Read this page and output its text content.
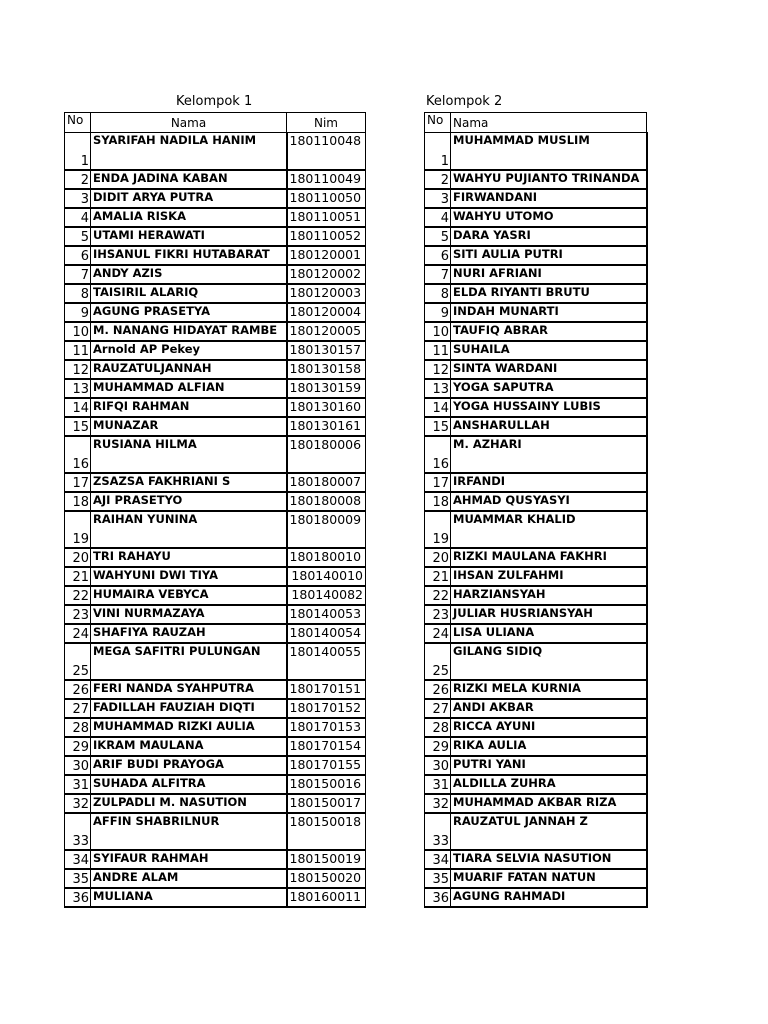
Kelompok 1	Kelompok 2
No	Nama	Nim
1	SYARIFAH NADILA HANIM	180110048
2	ENDA JADINA KABAN	180110049
3	DIDIT ARYA PUTRA	180110050
4	AMALIA RISKA	180110051
5	UTAMI HERAWATI	180110052
6	IHSANUL FIKRI HUTABARAT	180120001
7	ANDY AZIS	180120002
8	TAISIRIL ALARIQ	180120003
9	AGUNG PRASETYA	180120004
10	M. NANANG HIDAYAT RAMBE	180120005
11	Arnold AP Pekey	180130157
12	RAUZATULJANNAH	180130158
13	MUHAMMAD ALFIAN	180130159
14	RIFQI RAHMAN	180130160
15	MUNAZAR	180130161
16	RUSIANA HILMA	180180006
17	ZSAZSA FAKHRIANI S	180180007
18	AJI PRASETYO	180180008
19	RAIHAN YUNINA	180180009
20	TRI RAHAYU	180180010
21	WAHYUNI DWI TIYA	180140010
22	HUMAIRA VEBYCA	180140082
23	VINI NURMAZAYA	180140053
24	SHAFIYA RAUZAH	180140054
25	MEGA SAFITRI PULUNGAN	180140055
26	FERI NANDA SYAHPUTRA	180170151
27	FADILLAH FAUZIAH DIQTI	180170152
28	MUHAMMAD RIZKI AULIA	180170153
29	IKRAM MAULANA	180170154
30	ARIF BUDI PRAYOGA	180170155
31	SUHADA ALFITRA	180150016
32	ZULPADLI M. NASUTION	180150017
33	AFFIN SHABRILNUR	180150018
34	SYIFAUR RAHMAH	180150019
35	ANDRE ALAM	180150020
36	MULIANA	180160011
No	Nama
1	MUHAMMAD MUSLIM
2	WAHYU PUJIANTO TRINANDA
3	FIRWANDANI
4	WAHYU UTOMO
5	DARA YASRI
6	SITI AULIA PUTRI
7	NURI AFRIANI
8	ELDA RIYANTI BRUTU
9	INDAH MUNARTI
10	TAUFIQ ABRAR
11	SUHAILA
12	SINTA WARDANI
13	YOGA SAPUTRA
14	YOGA HUSSAINY LUBIS
15	ANSHARULLAH
16	M. AZHARI
17	IRFANDI
18	AHMAD QUSYASYI
19	MUAMMAR KHALID
20	RIZKI MAULANA FAKHRI
21	IHSAN ZULFAHMI
22	HARZIANSYAH
23	JULIAR HUSRIANSYAH
24	LISA ULIANA
25	GILANG SIDIQ
26	RIZKI MELA KURNIA
27	ANDI AKBAR
28	RICCA AYUNI
29	RIKA AULIA
30	PUTRI YANI
31	ALDILLA ZUHRA
32	MUHAMMAD AKBAR RIZA
33	RAUZATUL JANNAH Z
34	TIARA SELVIA NASUTION
35	MUARIF FATAN NATUN
36	AGUNG RAHMADI
